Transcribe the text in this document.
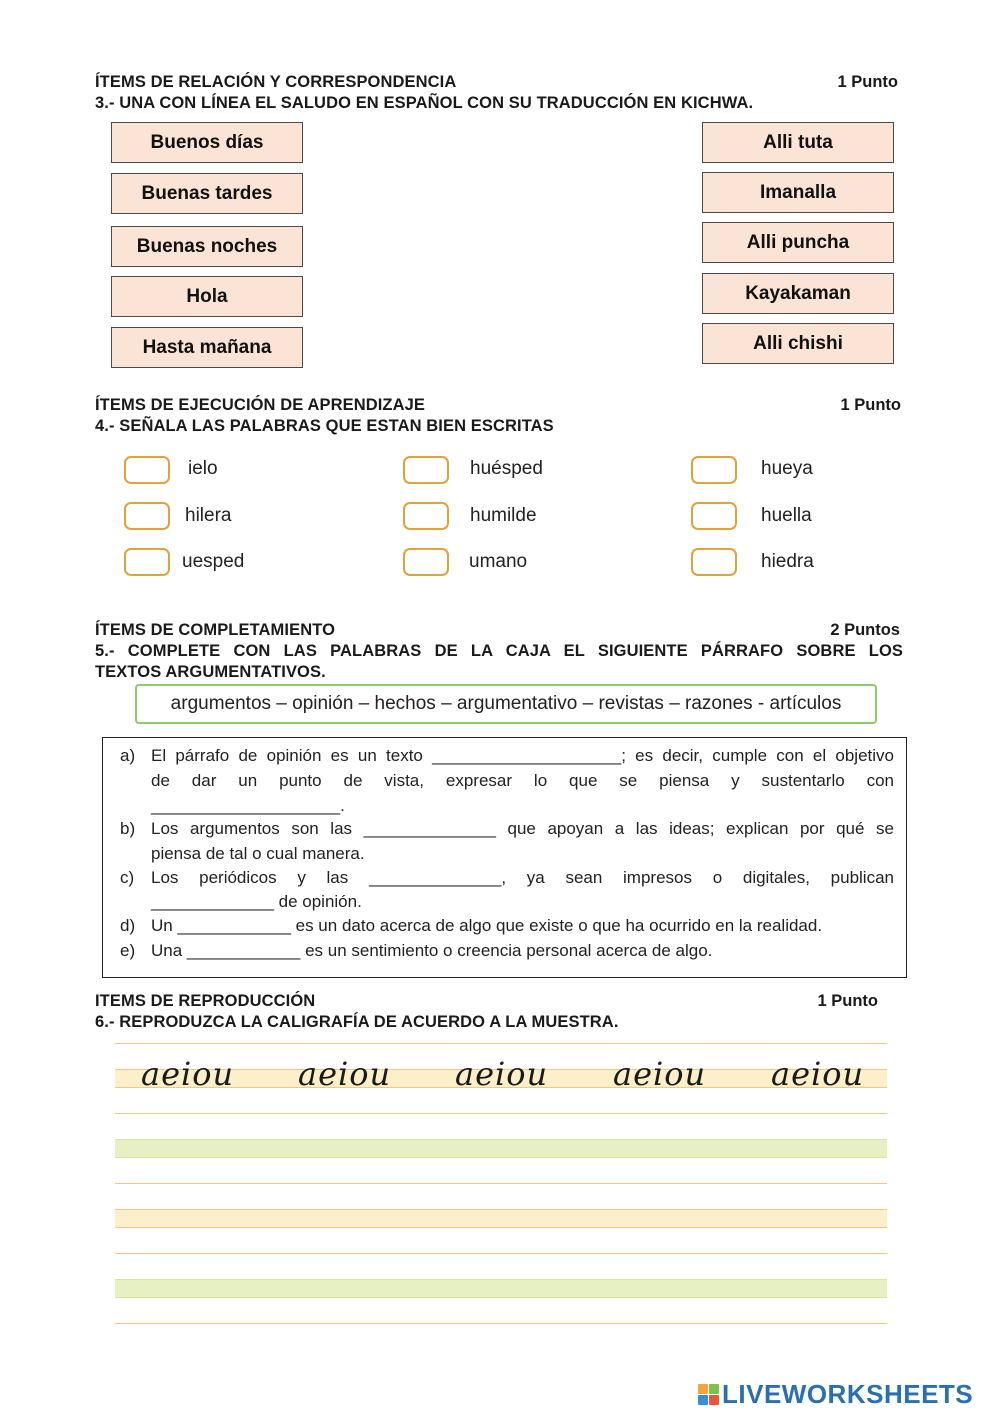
ÍTEMS DE RELACIÓN Y CORRESPONDENCIA	1 Punto
3.- UNA CON LÍNEA EL SALUDO EN ESPAÑOL CON SU TRADUCCIÓN EN KICHWA.
Buenos días
Buenas tardes
Buenas noches
Hola
Hasta mañana
Alli tuta
Imanalla
Alli puncha
Kayakaman
Alli chishi
ÍTEMS DE EJECUCIÓN DE APRENDIZAJE	1 Punto
4.- SEÑALA LAS PALABRAS QUE ESTAN BIEN ESCRITAS
ielo	huésped	hueya
hilera	humilde	huella
uesped	umano	hiedra
ÍTEMS DE COMPLETAMIENTO	2 Puntos
5.- COMPLETE CON LAS PALABRAS DE LA CAJA EL SIGUIENTE PÁRRAFO SOBRE LOS
TEXTOS ARGUMENTATIVOS.
argumentos – opinión – hechos – argumentativo – revistas – razones - artículos
a) El párrafo de opinión es un texto ____________________; es decir, cumple con el objetivo
de dar un punto de vista, expresar lo que se piensa y sustentarlo con
____________________.
b) Los argumentos son las ______________ que apoyan a las ideas; explican por qué se
piensa de tal o cual manera.
c) Los periódicos y las ______________, ya sean impresos o digitales, publican
_____________ de opinión.
d) Un ____________ es un dato acerca de algo que existe o que ha ocurrido en la realidad.
e) Una ____________ es un sentimiento o creencia personal acerca de algo.
ITEMS DE REPRODUCCIÓN	1 Punto
6.- REPRODUZCA LA CALIGRAFÍA DE ACUERDO A LA MUESTRA.
aeiou aeiou aeiou aeiou aeiou
LIVEWORKSHEETS
